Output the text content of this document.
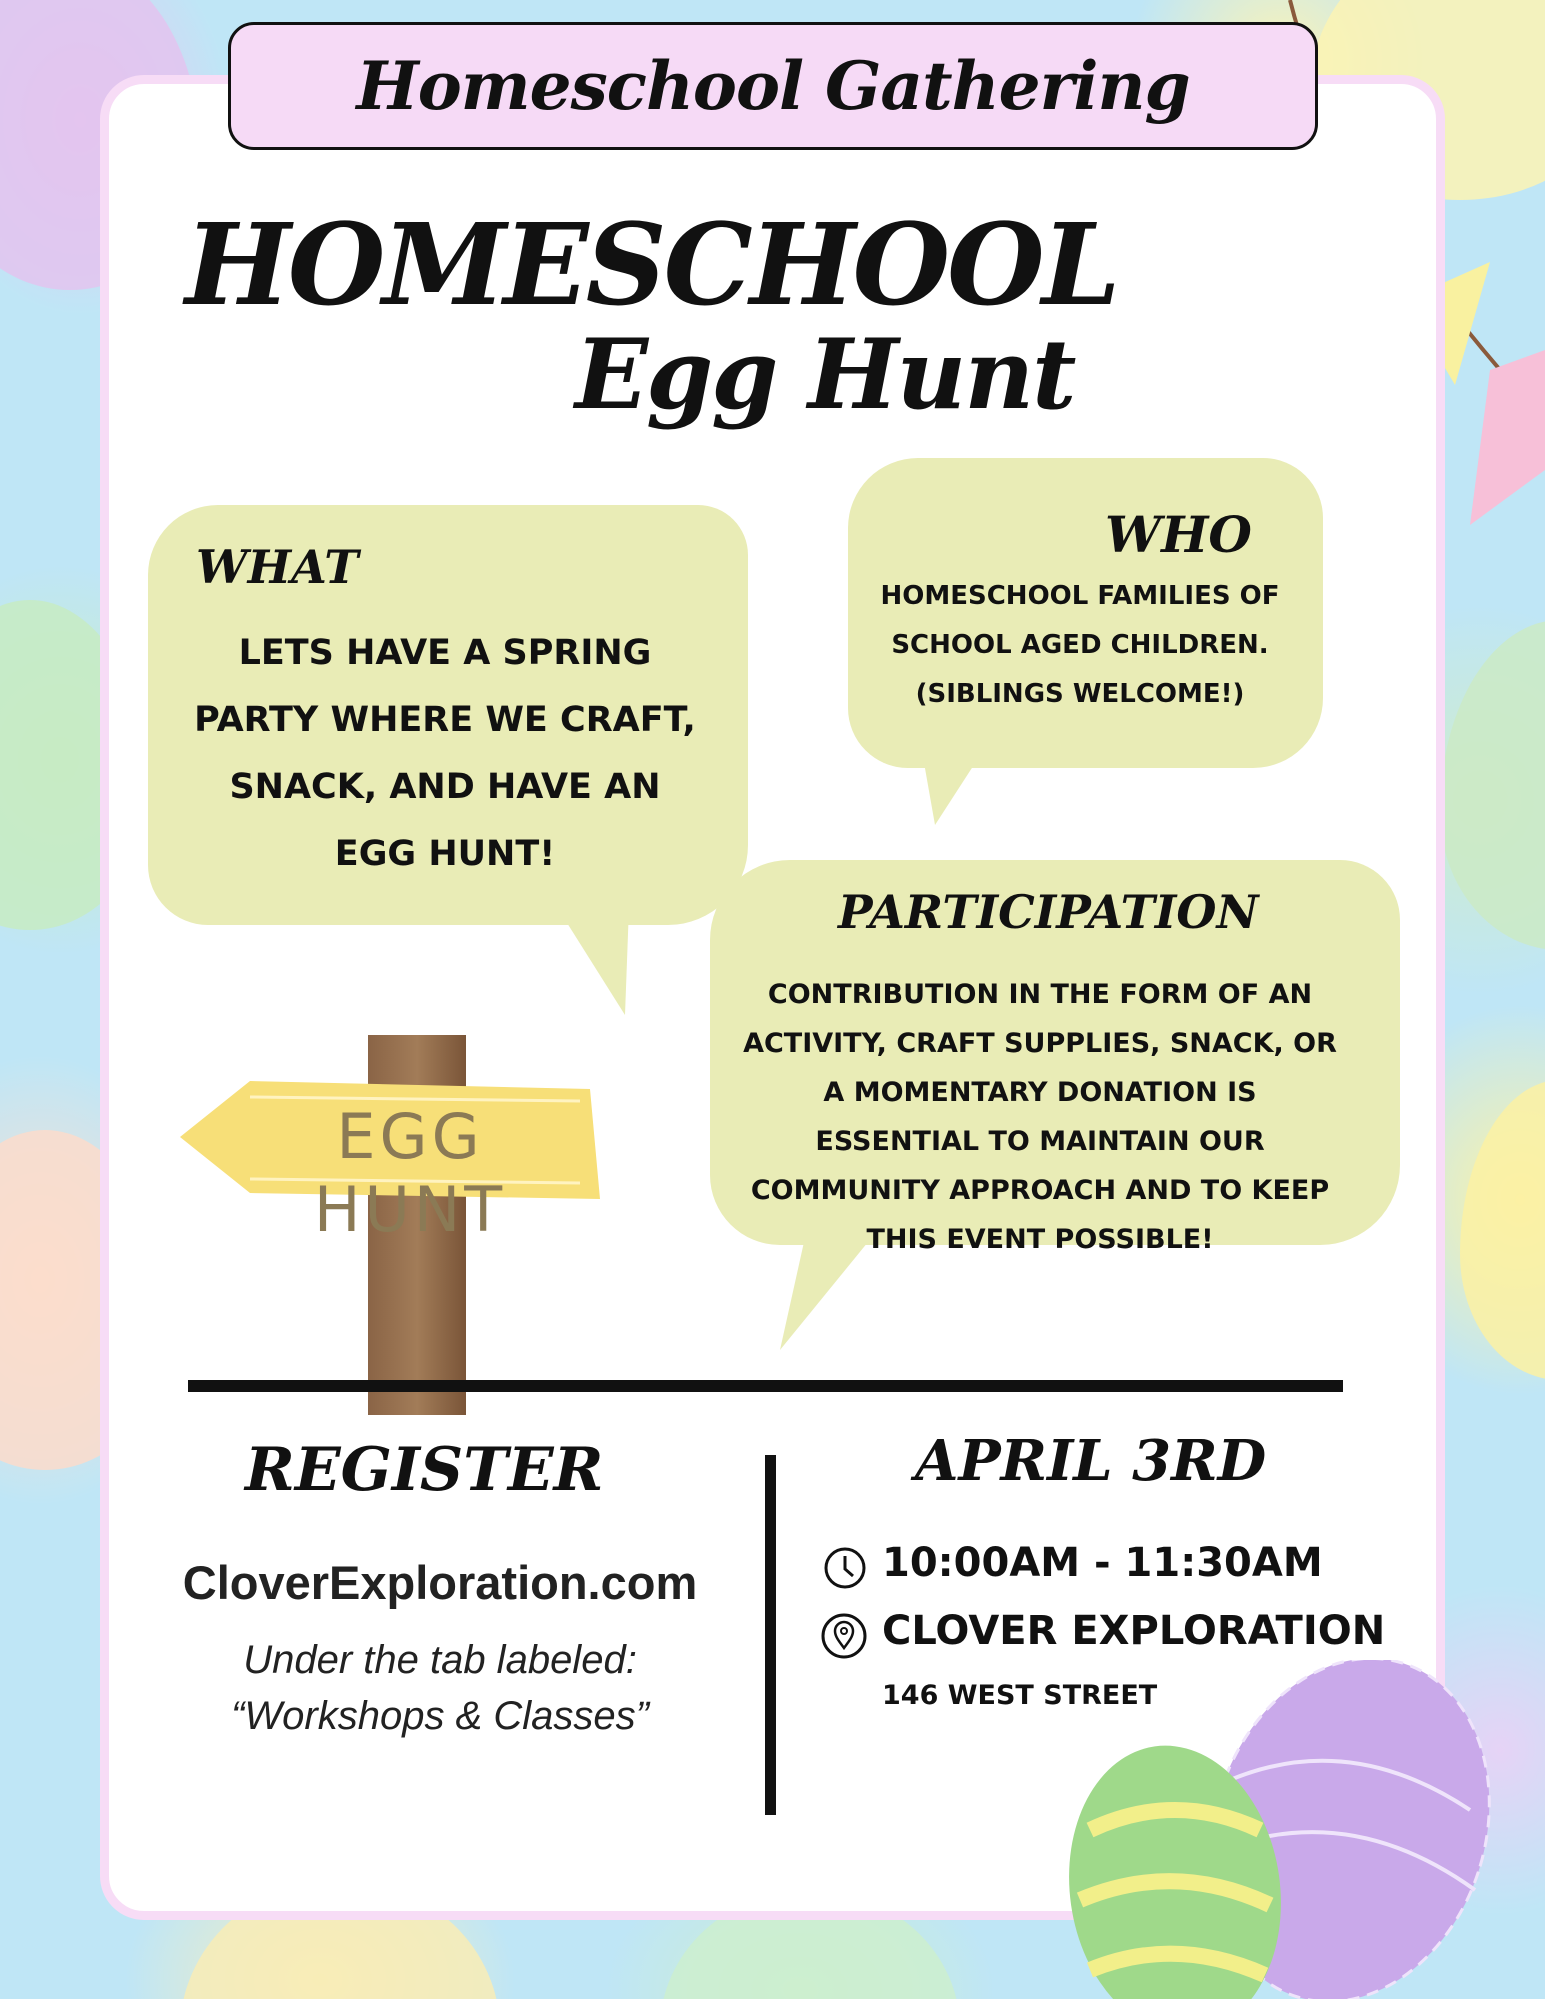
Homeschool Gathering
HOMESCHOOL
Egg Hunt
WHAT
LETS HAVE A SPRING PARTY WHERE WE CRAFT, SNACK, AND HAVE AN EGG HUNT!
WHO
HOMESCHOOL FAMILIES OF SCHOOL AGED CHILDREN. (SIBLINGS WELCOME!)
PARTICIPATION
CONTRIBUTION IN THE FORM OF AN ACTIVITY, CRAFT SUPPLIES, SNACK, OR A MOMENTARY DONATION IS ESSENTIAL TO MAINTAIN OUR COMMUNITY APPROACH AND TO KEEP THIS EVENT POSSIBLE!
EGG HUNT
REGISTER
CloverExploration.com
Under the tab labeled:
“Workshops & Classes”
APRIL 3RD
10:00AM - 11:30AM
CLOVER EXPLORATION
146 WEST STREET
